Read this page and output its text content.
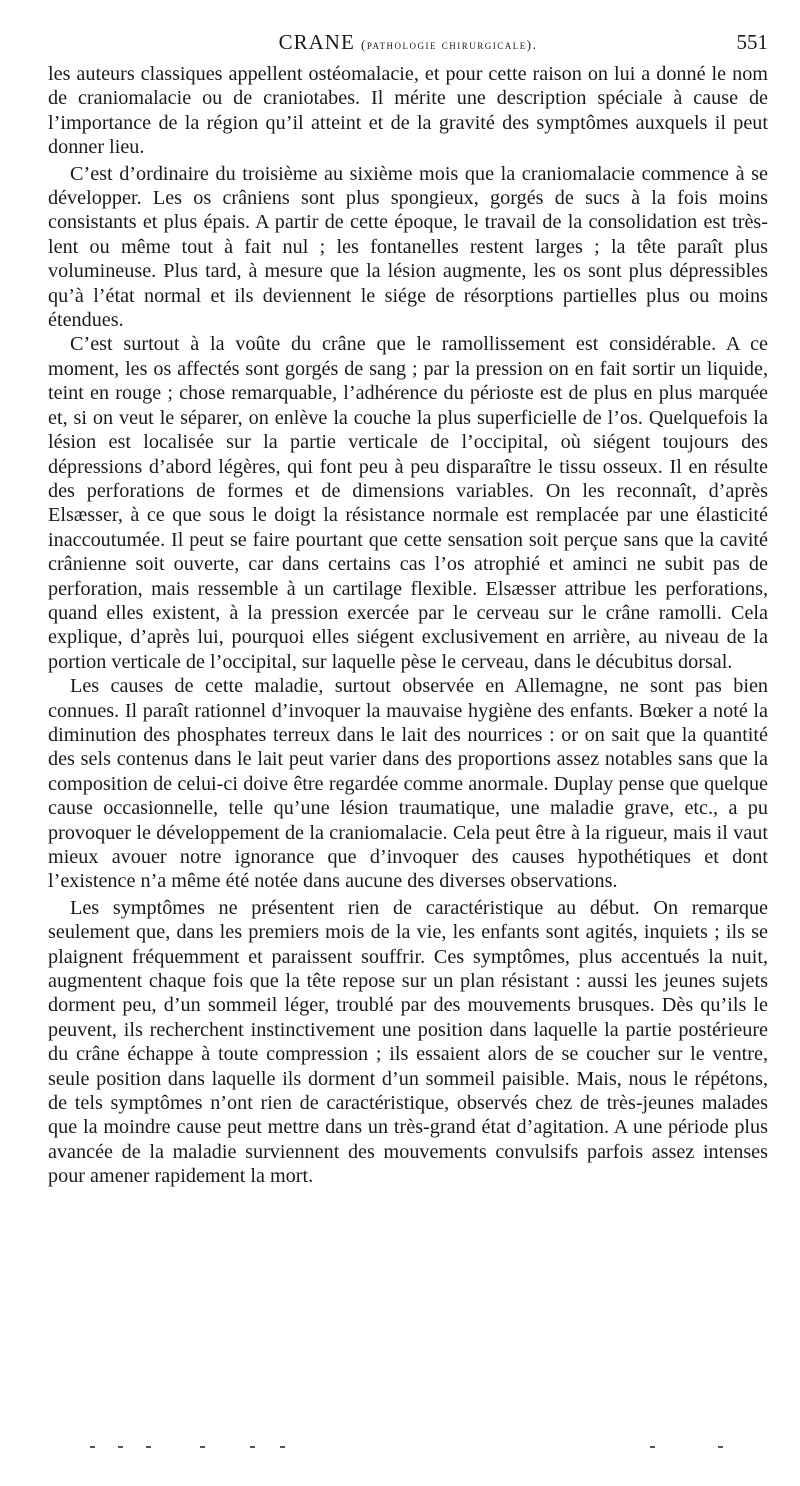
CRANE (pathologie chirurgicale).	551

les auteurs classiques appellent ostéomalacie, et pour cette raison on lui a donné le nom de craniomalacie ou de craniotabes. Il mérite une description spéciale à cause de l’importance de la région qu’il atteint et de la gravité des symptômes auxquels il peut donner lieu.

C’est d’ordinaire du troisième au sixième mois que la craniomalacie commence à se développer. Les os crâniens sont plus spongieux, gorgés de sucs à la fois moins consistants et plus épais. A partir de cette époque, le travail de la consolidation est très-lent ou même tout à fait nul ; les fontanelles restent larges ; la tête paraît plus volumineuse. Plus tard, à mesure que la lésion augmente, les os sont plus dépressibles qu’à l’état normal et ils deviennent le siége de résorptions partielles plus ou moins étendues.

C’est surtout à la voûte du crâne que le ramollissement est considérable. A ce moment, les os affectés sont gorgés de sang ; par la pression on en fait sortir un liquide, teint en rouge ; chose remarquable, l’adhérence du périoste est de plus en plus marquée et, si on veut le séparer, on enlève la couche la plus superficielle de l’os. Quelquefois la lésion est localisée sur la partie verticale de l’occipital, où siégent toujours des dépressions d’abord légères, qui font peu à peu disparaître le tissu osseux. Il en résulte des perforations de formes et de dimensions variables. On les reconnaît, d’après Elsæsser, à ce que sous le doigt la résistance normale est remplacée par une élasticité inaccoutumée. Il peut se faire pourtant que cette sensation soit perçue sans que la cavité crânienne soit ouverte, car dans certains cas l’os atrophié et aminci ne subit pas de perforation, mais ressemble à un cartilage flexible. Elsæsser attribue les perforations, quand elles existent, à la pression exercée par le cerveau sur le crâne ramolli. Cela explique, d’après lui, pourquoi elles siégent exclusivement en arrière, au niveau de la portion verticale de l’occipital, sur laquelle pèse le cerveau, dans le décubitus dorsal.

Les causes de cette maladie, surtout observée en Allemagne, ne sont pas bien connues. Il paraît rationnel d’invoquer la mauvaise hygiène des enfants. Bœker a noté la diminution des phosphates terreux dans le lait des nourrices : or on sait que la quantité des sels contenus dans le lait peut varier dans des proportions assez notables sans que la composition de celui-ci doive être regardée comme anormale. Duplay pense que quelque cause occasionnelle, telle qu’une lésion traumatique, une maladie grave, etc., a pu provoquer le développement de la craniomalacie. Cela peut être à la rigueur, mais il vaut mieux avouer notre ignorance que d’invoquer des causes hypothétiques et dont l’existence n’a même été notée dans aucune des diverses observations.

Les symptômes ne présentent rien de caractéristique au début. On remarque seulement que, dans les premiers mois de la vie, les enfants sont agités, inquiets ; ils se plaignent fréquemment et paraissent souffrir. Ces symptômes, plus accentués la nuit, augmentent chaque fois que la tête repose sur un plan résistant : aussi les jeunes sujets dorment peu, d’un sommeil léger, troublé par des mouvements brusques. Dès qu’ils le peuvent, ils recherchent instinctivement une position dans laquelle la partie postérieure du crâne échappe à toute compression ; ils essaient alors de se coucher sur le ventre, seule position dans laquelle ils dorment d’un sommeil paisible. Mais, nous le répétons, de tels symptômes n’ont rien de caractéristique, observés chez de très-jeunes malades que la moindre cause peut mettre dans un très-grand état d’agitation. A une période plus avancée de la maladie surviennent des mouvements convulsifs parfois assez intenses pour amener rapidement la mort.
